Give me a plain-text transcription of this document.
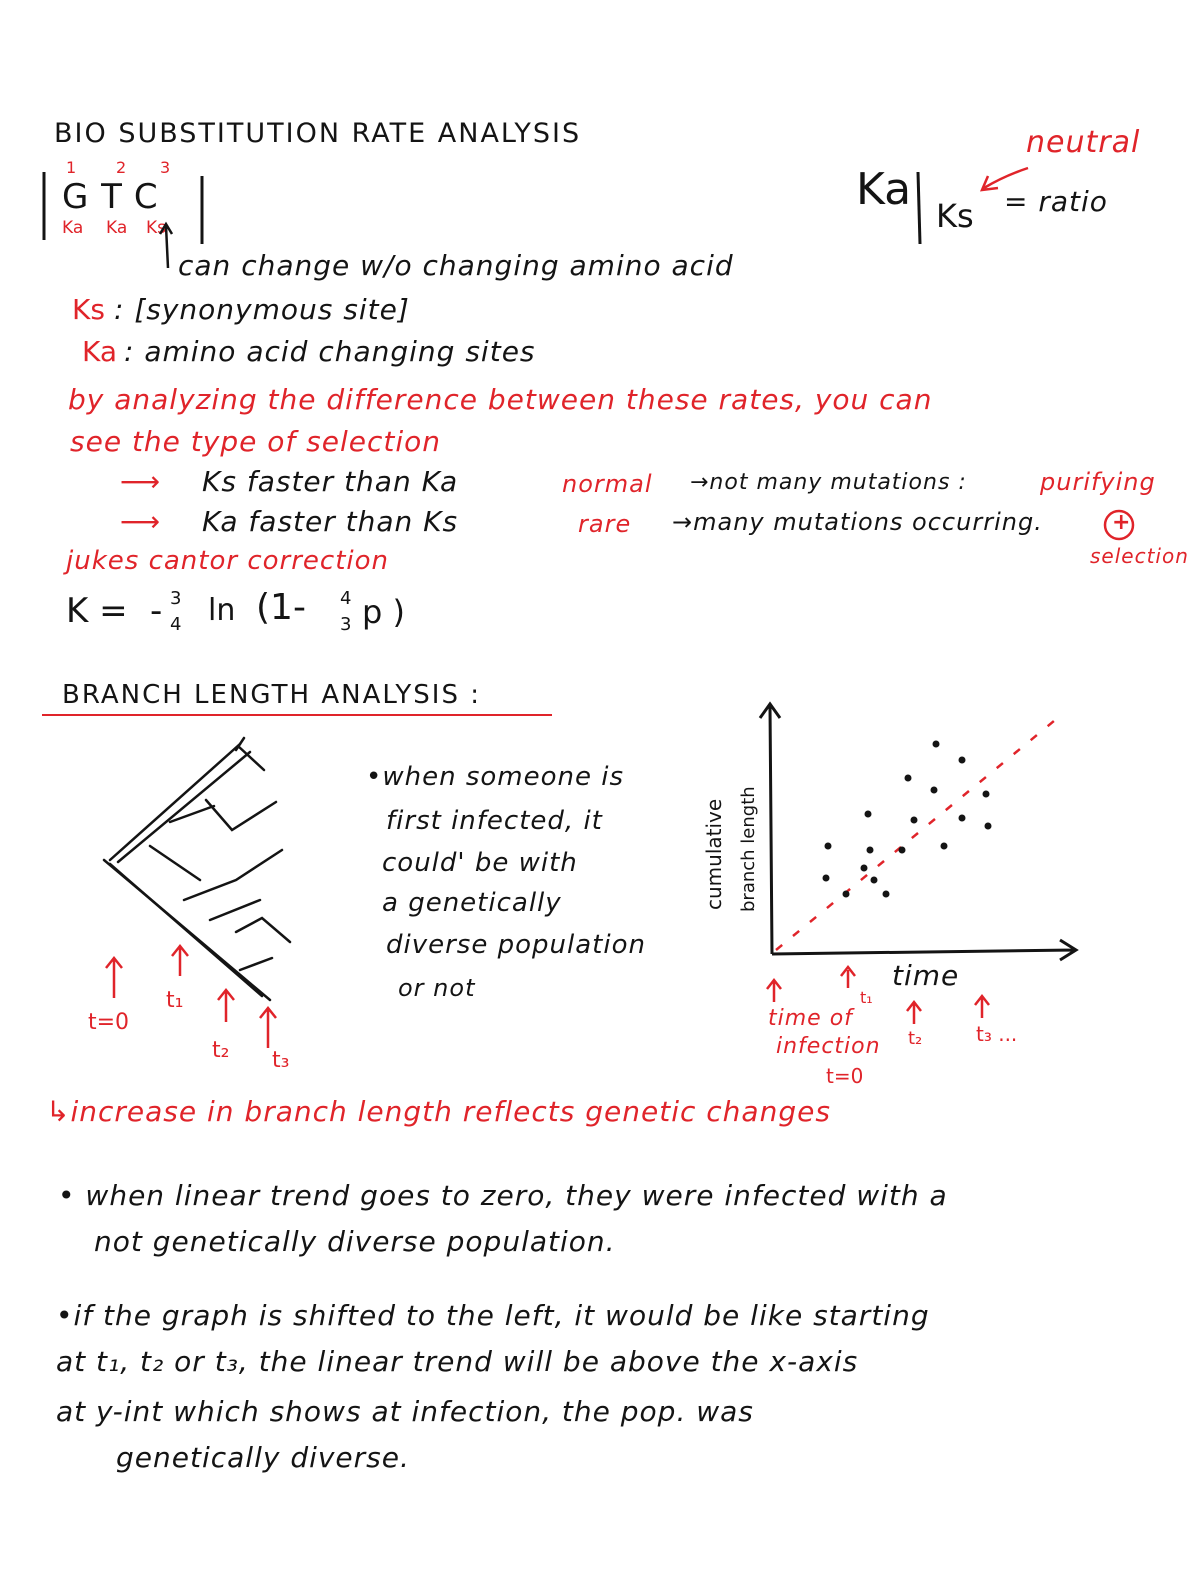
BIO SUBSTITUTION RATE ANALYSIS
1 2 3
GTC
Ka Ka Ks
can change w/o changing amino acid
neutral
Ka
Ks = ratio
Ks : [synonymous site]
Ka : amino acid changing sites
by analyzing the difference between these rates, you can
see the type of selection
⟶ Ks faster than Ka	normal →not many mutations :	purifying
⟶ Ka faster than Ks	rare →many mutations occurring.	+
selection
jukes cantor correction
K = - 3
4 ln (1- 4
3 p )
BRANCH LENGTH ANALYSIS :
t=0
t₁
t₂ t₃
•when someone is
first infected, it
could' be with
a genetically
diverse population
or not
cumulative branch length
time
t₁
t₂	t₃ ...
time of
infection
t=0
↳increase in branch length reflects genetic changes
• when linear trend goes to zero, they were infected with a
not genetically diverse population.
•if the graph is shifted to the left, it would be like starting
at t₁, t₂ or t₃, the linear trend will be above the x-axis
at y-int which shows at infection, the pop. was
genetically diverse.
